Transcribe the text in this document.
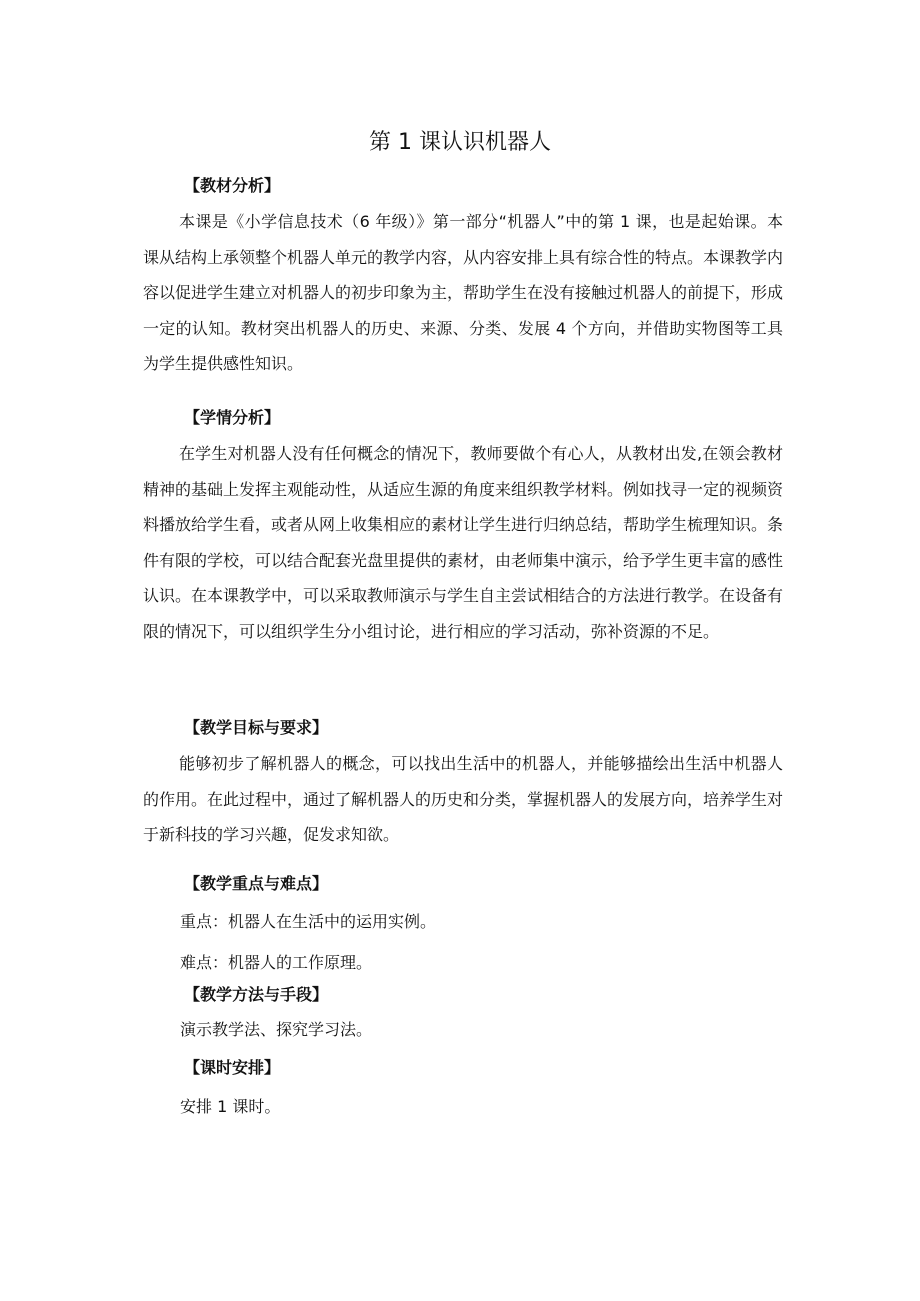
第 1 课认识机器人
【教材分析】

本课是《小学信息技术（6 年级）》第一部分“机器人”中的第 1 课，也是起始课。本课从结构上承领整个机器人单元的教学内容，从内容安排上具有综合性的特点。本课教学内容以促进学生建立对机器人的初步印象为主，帮助学生在没有接触过机器人的前提下，形成一定的认知。教材突出机器人的历史、来源、分类、发展 4 个方向，并借助实物图等工具为学生提供感性知识。

【学情分析】

在学生对机器人没有任何概念的情况下，教师要做个有心人，从教材出发,在领会教材精神的基础上发挥主观能动性，从适应生源的角度来组织教学材料。例如找寻一定的视频资料播放给学生看，或者从网上收集相应的素材让学生进行归纳总结，帮助学生梳理知识。条件有限的学校，可以结合配套光盘里提供的素材，由老师集中演示，给予学生更丰富的感性认识。在本课教学中，可以采取教师演示与学生自主尝试相结合的方法进行教学。在设备有限的情况下，可以组织学生分小组讨论，进行相应的学习活动，弥补资源的不足。

【教学目标与要求】

能够初步了解机器人的概念，可以找出生活中的机器人，并能够描绘出生活中机器人的作用。在此过程中，通过了解机器人的历史和分类，掌握机器人的发展方向，培养学生对于新科技的学习兴趣，促发求知欲。

【教学重点与难点】
重点：机器人在生活中的运用实例。
难点：机器人的工作原理。
【教学方法与手段】
演示教学法、探究学习法。
【课时安排】
安排 1 课时。
